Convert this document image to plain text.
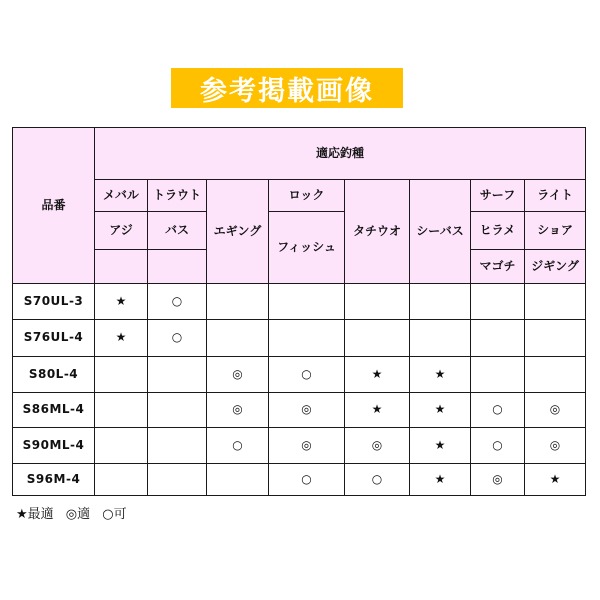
参考掲載画像
品番	適応釣種							
	メバル	トラウト	エギング	ロック	タチウオ	シーバス	サーフ	ライト
	アジ	バス		フィッシュ			ヒラメ	ショア
							マゴチ	ジギング
S70UL-3	★	○						
S76UL-4	★	○						
S80L-4			◎	○	★	★		
S86ML-4			◎	◎	★	★	○	◎
S90ML-4			○	◎	◎	★	○	◎
S96M-4				○	○	★	◎	★
★最適 ◎適 ○可
